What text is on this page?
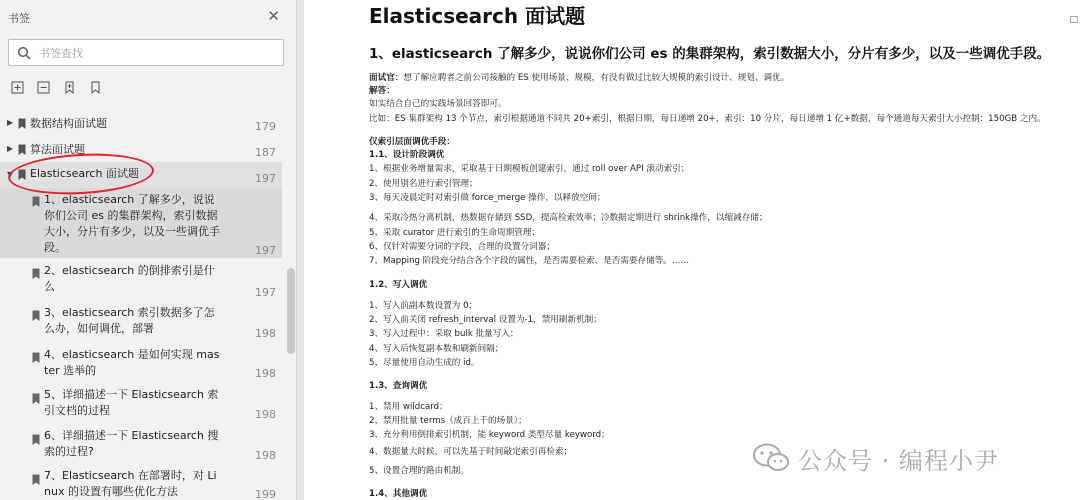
书签	✕
书签查找
▶ 数据结构面试题	179
▶ 算法面试题	187
▼ Elasticsearch 面试题	197
1、elasticsearch 了解多少，说说你们公司 es 的集群架构，索引数据大小，分片有多少，以及一些调优手段。	197
2、elasticsearch 的倒排索引是什么	197
3、elasticsearch 索引数据多了怎么办，如何调优，部署	198
4、elasticsearch 是如何实现 master 选举的	198
5、详细描述一下 Elasticsearch 索引文档的过程	198
6、详细描述一下 Elasticsearch 搜索的过程?	198
7、Elasticsearch 在部署时，对 Linux 的设置有哪些优化方法	199
Elasticsearch 面试题	□
1、elasticsearch 了解多少，说说你们公司 es 的集群架构，索引数据大小，分片有多少，以及一些调优手段。
面试官：想了解应聘者之前公司接触的 ES 使用场景、规模，有没有做过比较大规模的索引设计、规划、调优。
解答：
如实结合自己的实践场景回答即可。
比如：ES 集群架构 13 个节点，索引根据通道不同共 20+索引，根据日期，每日递增 20+，索引：10 分片，每日递增 1 亿+数据，每个通道每天索引大小控制：150GB 之内。
仅索引层面调优手段：
1.1、设计阶段调优
1、根据业务增量需求，采取基于日期模板创建索引，通过 roll over API 滚动索引；
2、使用别名进行索引管理；
3、每天凌晨定时对索引做 force_merge 操作，以释放空间；
4、采取冷热分离机制，热数据存储到 SSD，提高检索效率；冷数据定期进行 shrink操作，以缩减存储；
5、采取 curator 进行索引的生命周期管理；
6、仅针对需要分词的字段，合理的设置分词器；
7、Mapping 阶段充分结合各个字段的属性，是否需要检索、是否需要存储等。……
1.2、写入调优
1、写入前副本数设置为 0；
2、写入前关闭 refresh_interval 设置为-1，禁用刷新机制；
3、写入过程中：采取 bulk 批量写入；
4、写入后恢复副本数和刷新间隔；
5、尽量使用自动生成的 id。
1.3、查询调优
1、禁用 wildcard；
2、禁用批量 terms（成百上千的场景）；
3、充分利用倒排索引机制，能 keyword 类型尽量 keyword；
4、数据量大时候，可以先基于时间敲定索引再检索；
5、设置合理的路由机制。
1.4、其他调优
公众号 · 编程小尹
